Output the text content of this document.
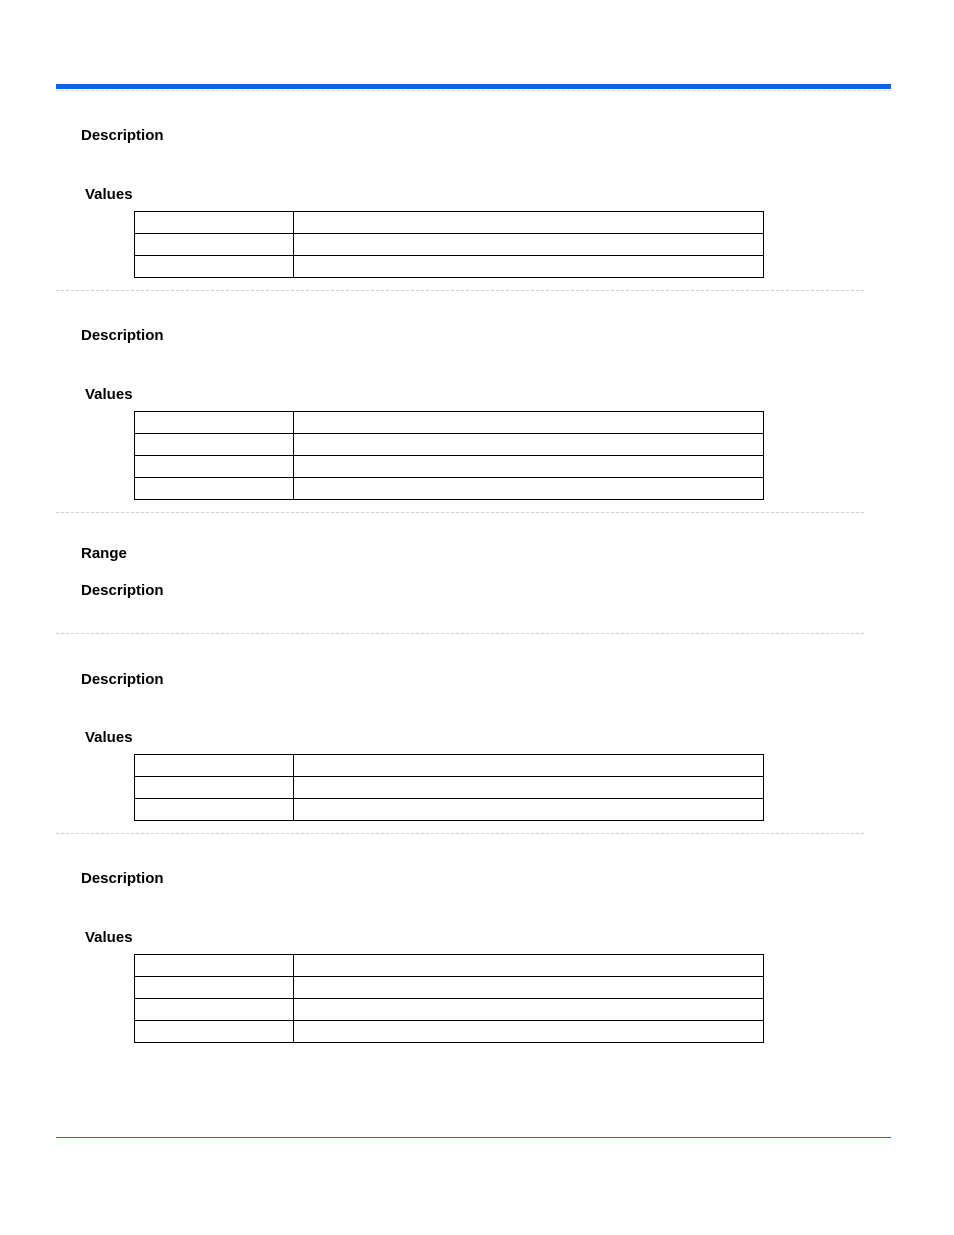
Description
Values

Description
Values

Range
Description
Description
Values

Description
Values
